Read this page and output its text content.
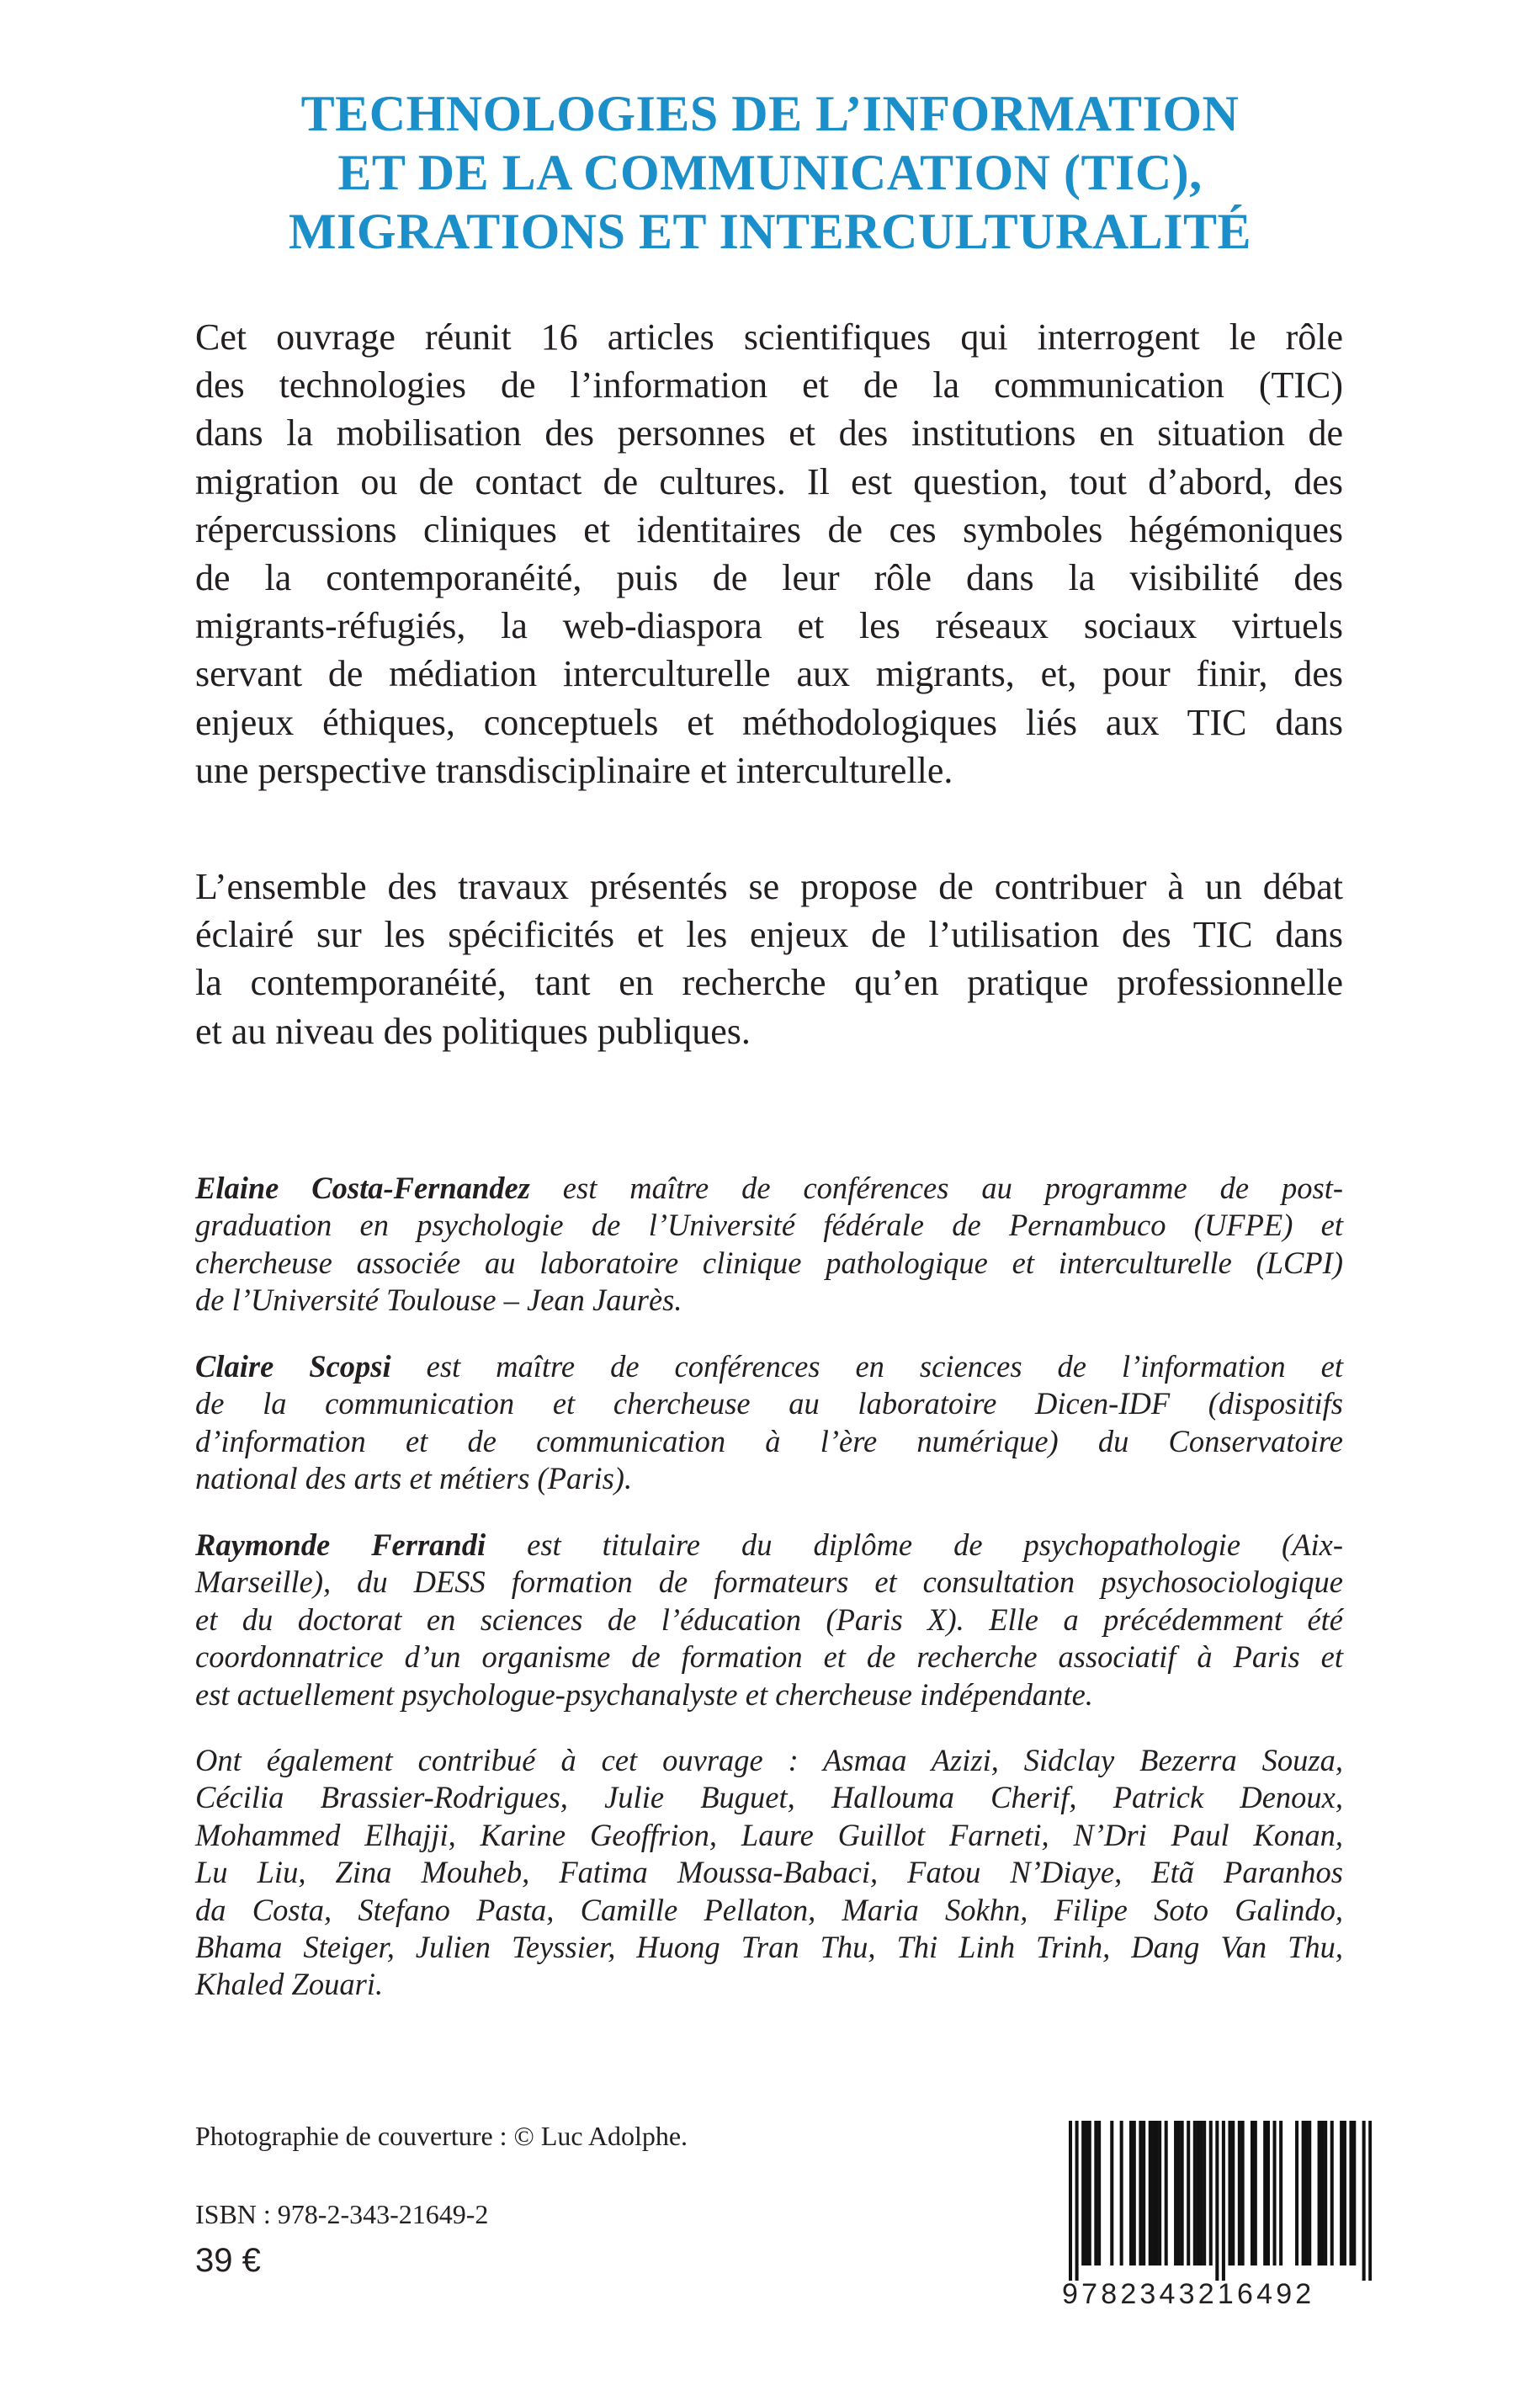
TECHNOLOGIES DE L’INFORMATION
ET DE LA COMMUNICATION (TIC),
MIGRATIONS ET INTERCULTURALITÉ
Cet ouvrage réunit 16 articles scientifiques qui interrogent le rôle
des technologies de l’information et de la communication (TIC)
dans la mobilisation des personnes et des institutions en situation de
migration ou de contact de cultures. Il est question, tout d’abord, des
répercussions cliniques et identitaires de ces symboles hégémoniques
de la contemporanéité, puis de leur rôle dans la visibilité des
migrants-réfugiés, la web-diaspora et les réseaux sociaux virtuels
servant de médiation interculturelle aux migrants, et, pour finir, des
enjeux éthiques, conceptuels et méthodologiques liés aux TIC dans
une perspective transdisciplinaire et interculturelle.
L’ensemble des travaux présentés se propose de contribuer à un débat
éclairé sur les spécificités et les enjeux de l’utilisation des TIC dans
la contemporanéité, tant en recherche qu’en pratique professionnelle
et au niveau des politiques publiques.
Elaine Costa-Fernandez est maître de conférences au programme de post-
graduation en psychologie de l’Université fédérale de Pernambuco (UFPE) et
chercheuse associée au laboratoire clinique pathologique et interculturelle (LCPI)
de l’Université Toulouse – Jean Jaurès.
Claire Scopsi est maître de conférences en sciences de l’information et
de la communication et chercheuse au laboratoire Dicen-IDF (dispositifs
d’information et de communication à l’ère numérique) du Conservatoire
national des arts et métiers (Paris).
Raymonde Ferrandi est titulaire du diplôme de psychopathologie (Aix-
Marseille), du DESS formation de formateurs et consultation psychosociologique
et du doctorat en sciences de l’éducation (Paris X). Elle a précédemment été
coordonnatrice d’un organisme de formation et de recherche associatif à Paris et
est actuellement psychologue-psychanalyste et chercheuse indépendante.
Ont également contribué à cet ouvrage : Asmaa Azizi, Sidclay Bezerra Souza,
Cécilia Brassier-Rodrigues, Julie Buguet, Hallouma Cherif, Patrick Denoux,
Mohammed Elhajji, Karine Geoffrion, Laure Guillot Farneti, N’Dri Paul Konan,
Lu Liu, Zina Mouheb, Fatima Moussa-Babaci, Fatou N’Diaye, Etã Paranhos
da Costa, Stefano Pasta, Camille Pellaton, Maria Sokhn, Filipe Soto Galindo,
Bhama Steiger, Julien Teyssier, Huong Tran Thu, Thi Linh Trinh, Dang Van Thu,
Khaled Zouari.
Photographie de couverture : © Luc Adolphe.
ISBN : 978-2-343-21649-2
39 €
9782343216492
